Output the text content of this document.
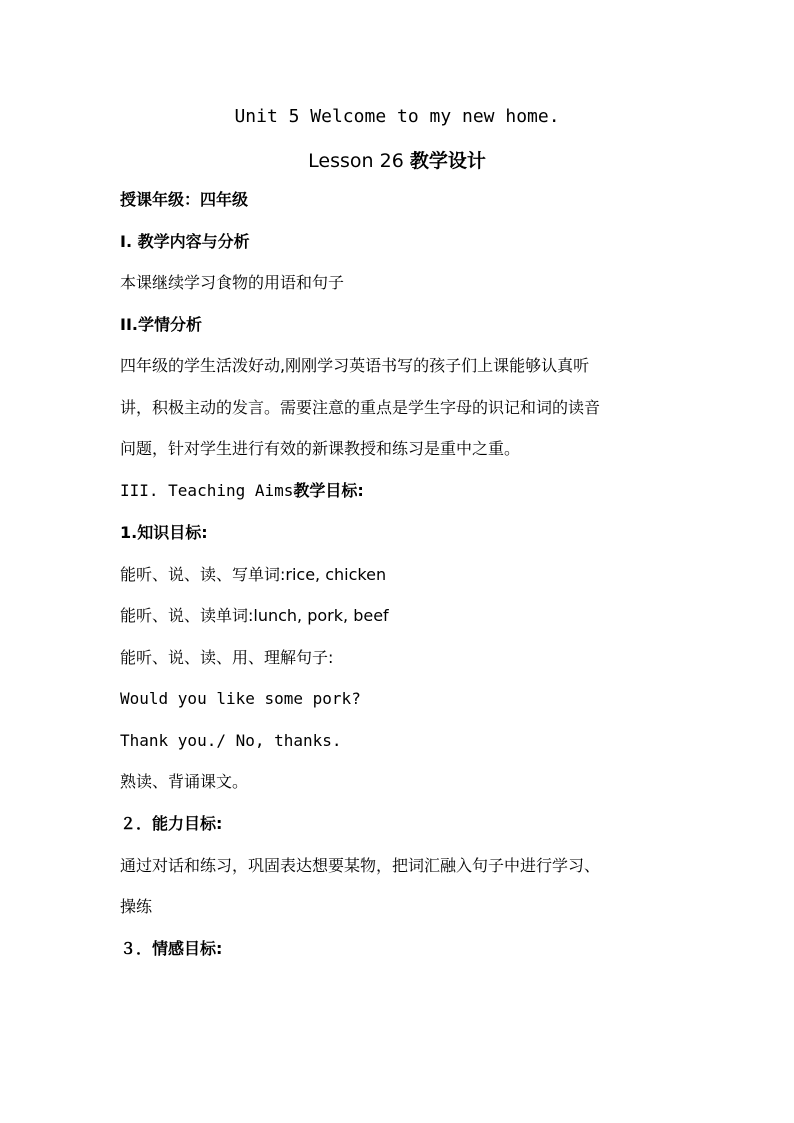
Unit 5 Welcome to my new home.
Lesson 26 教学设计
授课年级：四年级
I. 教学内容与分析
本课继续学习食物的用语和句子
II.学情分析
四年级的学生活泼好动,刚刚学习英语书写的孩子们上课能够认真听
讲，积极主动的发言。需要注意的重点是学生字母的识记和词的读音
问题，针对学生进行有效的新课教授和练习是重中之重。
III. Teaching Aims教学目标:
1.知识目标:
能听、说、读、写单词:rice, chicken
能听、说、读单词:lunch, pork, beef
能听、说、读、用、理解句子:
Would you like some pork?
Thank you./ No, thanks.
熟读、背诵课文。
２．能力目标:
通过对话和练习，巩固表达想要某物，把词汇融入句子中进行学习、
操练
３．情感目标:
